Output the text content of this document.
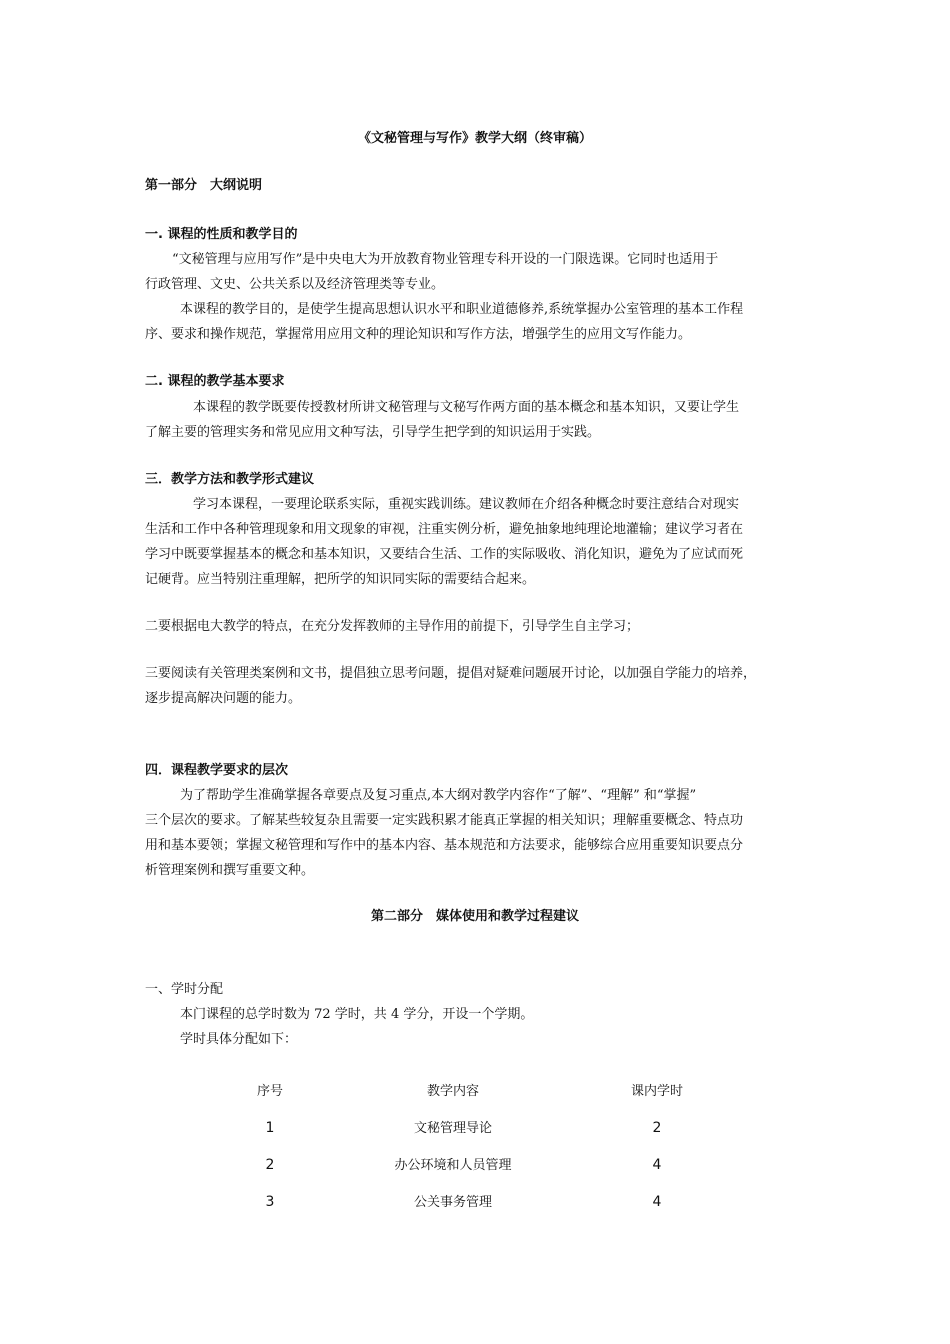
《文秘管理与写作》教学大纲（终审稿）
第一部分　大纲说明
一. 课程的性质和教学目的
“文秘管理与应用写作”是中央电大为开放教育物业管理专科开设的一门限选课。它同时也适用于
行政管理、文史、公共关系以及经济管理类等专业。
本课程的教学目的，是使学生提高思想认识水平和职业道德修养,系统掌握办公室管理的基本工作程
序、要求和操作规范，掌握常用应用文种的理论知识和写作方法，增强学生的应用文写作能力。
二. 课程的教学基本要求
本课程的教学既要传授教材所讲文秘管理与文秘写作两方面的基本概念和基本知识，又要让学生
了解主要的管理实务和常见应用文种写法，引导学生把学到的知识运用于实践。
三．教学方法和教学形式建议
学习本课程，一要理论联系实际，重视实践训练。建议教师在介绍各种概念时要注意结合对现实
生活和工作中各种管理现象和用文现象的审视，注重实例分析，避免抽象地纯理论地灌输；建议学习者在
学习中既要掌握基本的概念和基本知识，又要结合生活、工作的实际吸收、消化知识，避免为了应试而死
记硬背。应当特别注重理解，把所学的知识同实际的需要结合起来。
二要根据电大教学的特点，在充分发挥教师的主导作用的前提下，引导学生自主学习；
三要阅读有关管理类案例和文书，提倡独立思考问题，提倡对疑难问题展开讨论，以加强自学能力的培养，
逐步提高解决问题的能力。
四．课程教学要求的层次
为了帮助学生准确掌握各章要点及复习重点,本大纲对教学内容作“了解”、“理解” 和“掌握”
三个层次的要求。了解某些较复杂且需要一定实践积累才能真正掌握的相关知识；理解重要概念、特点功
用和基本要领；掌握文秘管理和写作中的基本内容、基本规范和方法要求，能够综合应用重要知识要点分
析管理案例和撰写重要文种。
第二部分　媒体使用和教学过程建议
一、学时分配
本门课程的总学时数为 72 学时，共 4 学分，开设一个学期。
学时具体分配如下：
序号	教学内容	课内学时
1	文秘管理导论	2
2	办公环境和人员管理	4
3	公关事务管理	4
